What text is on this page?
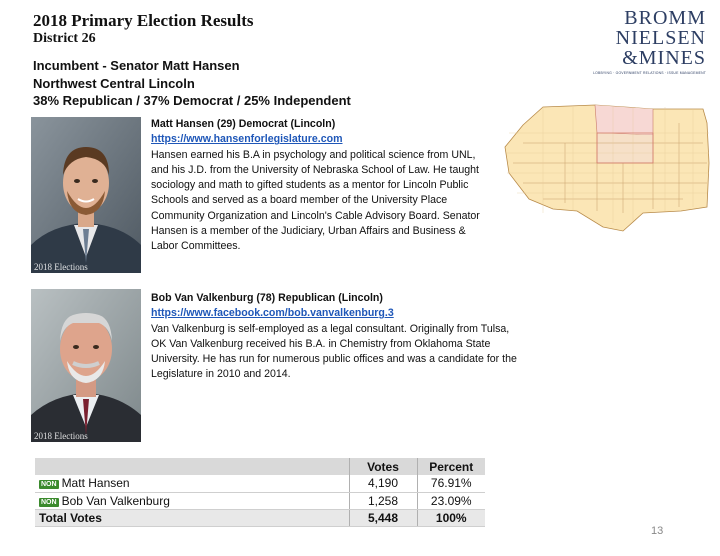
2018 Primary Election Results
District 26
BROMM
NIELSEN
&MINES
LOBBYING · GOVERNMENT RELATIONS · ISSUE MANAGEMENT
Incumbent - Senator Matt Hansen
Northwest Central Lincoln
38% Republican / 37% Democrat / 25% Independent
2018 Elections
Matt Hansen (29) Democrat (Lincoln)
https://www.hansenforlegislature.com
Hansen earned his B.A in psychology and political science from UNL, and his J.D. from the University of Nebraska School of Law. He taught sociology and math to gifted students as a mentor for Lincoln Public Schools and served as a board member of the University Place Community Organization and Lincoln's Cable Advisory Board. Senator Hansen is a member of the Judiciary, Urban Affairs and Business & Labor Committees.
2018 Elections
Bob Van Valkenburg (78) Republican (Lincoln)
https://www.facebook.com/bob.vanvalkenburg.3
Van Valkenburg is self-employed as a legal consultant. Originally from Tulsa, OK Van Valkenburg received his B.A. in Chemistry from Oklahoma State University. He has run for numerous public offices and was a candidate for the Legislature in 2010 and 2014.
	Votes	Percent
NON Matt Hansen	4,190	76.91%
NON Bob Van Valkenburg	1,258	23.09%
Total Votes	5,448	100%
13
